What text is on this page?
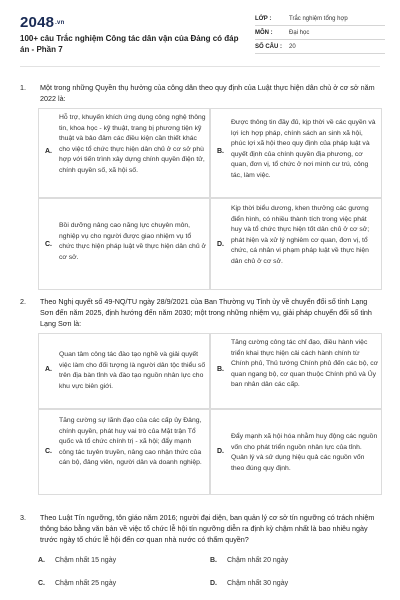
2048.vn
100+ câu Trắc nghiệm Công tác dân vận của Đảng có đáp án - Phần 7
LỚP :	Trắc nghiệm tổng hợp
MÔN :	Đại học
SỐ CÂU :	20
1. Một trong những Quyền thụ hưởng của công dân theo quy định của Luật thực hiện dân chủ ở cơ sở năm 2022 là:
A.
Hỗ trợ, khuyến khích ứng dụng công nghệ thông tin, khoa học - kỹ thuật, trang bị phương tiện kỹ thuật và bảo đảm các điều kiện cần thiết khác cho việc tổ chức thực hiện dân chủ ở cơ sở phù hợp với tiến trình xây dựng chính quyền điện tử, chính quyền số, xã hội số.
B.
Được thông tin đầy đủ, kịp thời về các quyền và lợi ích hợp pháp, chính sách an sinh xã hội, phúc lợi xã hội theo quy định của pháp luật và quyết định của chính quyền địa phương, cơ quan, đơn vị, tổ chức ở nơi mình cư trú, công tác, làm việc.
C.
Bồi dưỡng nâng cao năng lực chuyên môn, nghiệp vụ cho người được giao nhiệm vụ tổ chức thực hiện pháp luật về thực hiện dân chủ ở cơ sở.
D.
Kịp thời biểu dương, khen thưởng các gương điển hình, có nhiều thành tích trong việc phát huy và tổ chức thực hiện tốt dân chủ ở cơ sở; phát hiện và xử lý nghiêm cơ quan, đơn vị, tổ chức, cá nhân vi phạm pháp luật về thực hiện dân chủ ở cơ sở.
2. Theo Nghị quyết số 49-NQ/TU ngày 28/9/2021 của Ban Thường vụ Tỉnh ủy về chuyển đổi số tỉnh Lạng Sơn đến năm 2025, định hướng đến năm 2030; một trong những nhiệm vụ, giải pháp chuyển đổi số tỉnh Lạng Sơn là:
A.
Quan tâm công tác đào tạo nghề và giải quyết việc làm cho đối tượng là người dân tộc thiểu số trên địa bàn tỉnh và đào tạo nguồn nhân lực cho khu vực biên giới.
B.
Tăng cường công tác chỉ đạo, điều hành việc triển khai thực hiện cải cách hành chính từ Chính phủ, Thủ tướng Chính phủ đến các bộ, cơ quan ngang bộ, cơ quan thuộc Chính phủ và Ủy ban nhân dân các cấp.
C.
Tăng cường sự lãnh đạo của các cấp ủy Đảng, chính quyền, phát huy vai trò của Mặt trận Tổ quốc và tổ chức chính trị - xã hội; đẩy mạnh công tác tuyên truyền, nâng cao nhận thức của cán bộ, đảng viên, người dân và doanh nghiệp.
D.
Đẩy mạnh xã hội hóa nhằm huy động các nguồn vốn cho phát triển nguồn nhân lực của tỉnh. Quản lý và sử dụng hiệu quả các nguồn vốn theo đúng quy định.
3. Theo Luật Tín ngưỡng, tôn giáo năm 2016; người đại diện, ban quản lý cơ sở tín ngưỡng có trách nhiệm thông báo bằng văn bản về việc tổ chức lễ hội tín ngưỡng diễn ra định kỳ chậm nhất là bao nhiêu ngày trước ngày tổ chức lễ hội đến cơ quan nhà nước có thẩm quyền?
A. Chậm nhất 15 ngày	B. Chậm nhất 20 ngày
C. Chậm nhất 25 ngày	D. Chậm nhất 30 ngày
